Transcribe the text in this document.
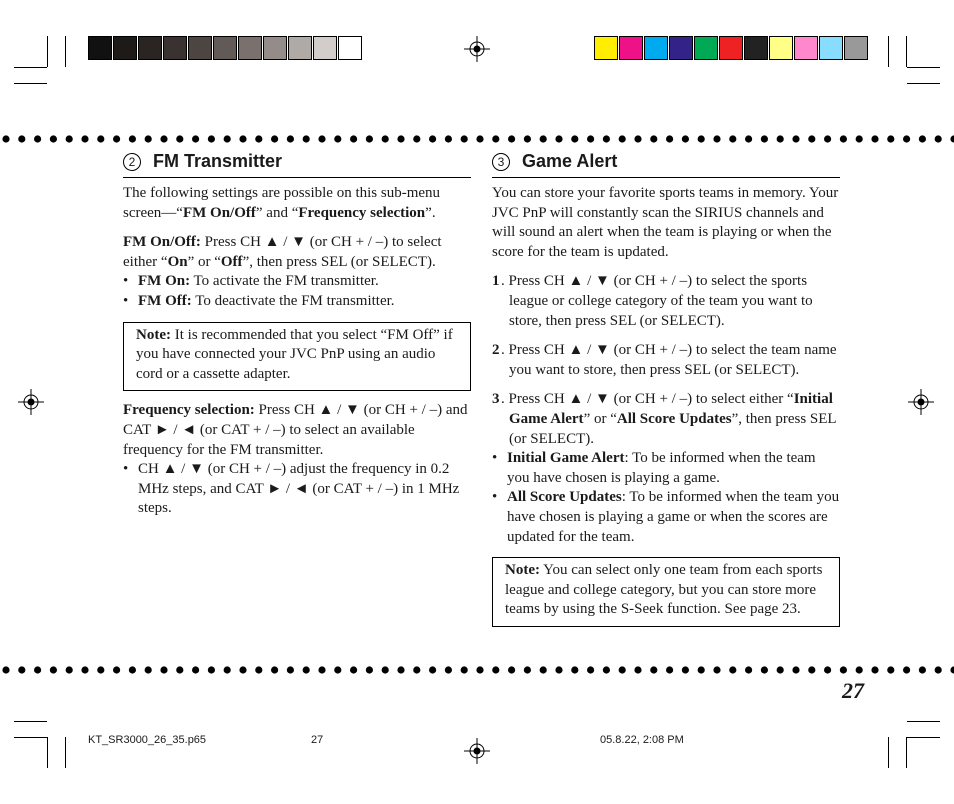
2 FM Transmitter

The following settings are possible on this sub-menu screen—“FM On/Off” and “Frequency selection”.

FM On/Off: Press CH ▲ / ▼ (or CH + / –) to select either “On” or “Off”, then press SEL (or SELECT).

• FM On: To activate the FM transmitter.

• FM Off: To deactivate the FM transmitter.

Note: It is recommended that you select “FM Off” if you have connected your JVC PnP using an audio cord or a cassette adapter.

Frequency selection: Press CH ▲ / ▼ (or CH + / –) and CAT ► / ◄ (or CAT + / –) to select an available frequency for the FM transmitter.

• CH ▲ / ▼ (or CH + / –) adjust the frequency in 0.2 MHz steps, and CAT ► / ◄ (or CAT + / –) in 1 MHz steps.

3 Game Alert

You can store your favorite sports teams in memory. Your JVC PnP will constantly scan the SIRIUS channels and will sound an alert when the team is playing or when the score for the team is updated.

1 . Press CH ▲ / ▼ (or CH + / –) to select the sports league or college category of the team you want to store, then press SEL (or SELECT).

2 . Press CH ▲ / ▼ (or CH + / –) to select the team name you want to store, then press SEL (or SELECT).

3 . Press CH ▲ / ▼ (or CH + / –) to select either “Initial Game Alert” or “All Score Updates”, then press SEL (or SELECT).

• Initial Game Alert: To be informed when the team you have chosen is playing a game.

• All Score Updates: To be informed when the team you have chosen is playing a game or when the scores are updated for the team.

Note: You can select only one team from each sports league and college category, but you can store more teams by using the S-Seek function. See page 23.
27
KT_SR3000_26_35.p65	27	05.8.22, 2:08 PM
